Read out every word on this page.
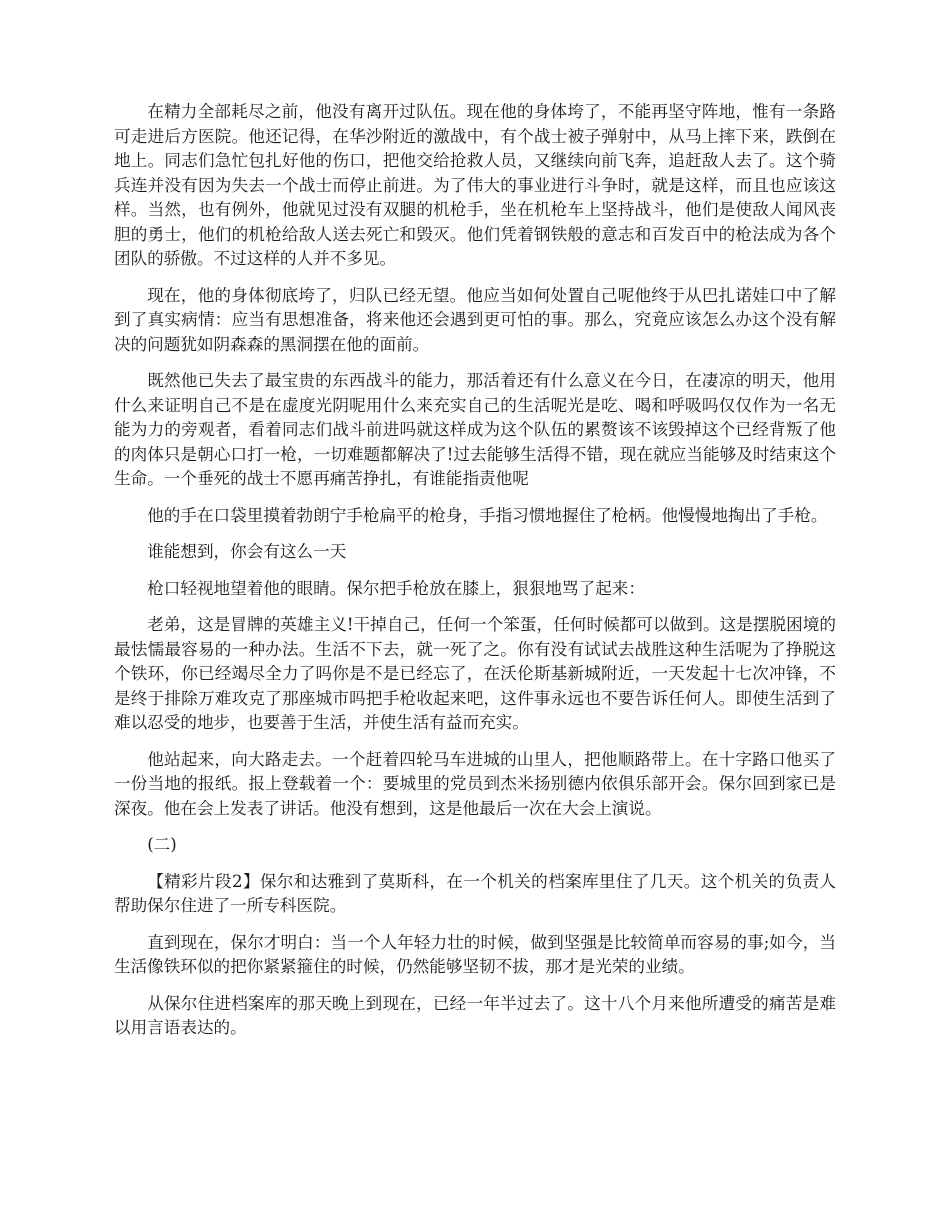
在精力全部耗尽之前，他没有离开过队伍。现在他的身体垮了，不能再坚守阵地，惟有一条路可走进后方医院。他还记得，在华沙附近的激战中，有个战士被子弹射中，从马上摔下来，跌倒在地上。同志们急忙包扎好他的伤口，把他交给抢救人员，又继续向前飞奔，追赶敌人去了。这个骑兵连并没有因为失去一个战士而停止前进。为了伟大的事业进行斗争时，就是这样，而且也应该这样。当然，也有例外，他就见过没有双腿的机枪手，坐在机枪车上坚持战斗，他们是使敌人闻风丧胆的勇士，他们的机枪给敌人送去死亡和毁灭。他们凭着钢铁般的意志和百发百中的枪法成为各个团队的骄傲。不过这样的人并不多见。

现在，他的身体彻底垮了，归队已经无望。他应当如何处置自己呢他终于从巴扎诺娃口中了解到了真实病情：应当有思想准备，将来他还会遇到更可怕的事。那么，究竟应该怎么办这个没有解决的问题犹如阴森森的黑洞摆在他的面前。

既然他已失去了最宝贵的东西战斗的能力，那活着还有什么意义在今日，在凄凉的明天，他用什么来证明自己不是在虚度光阴呢用什么来充实自己的生活呢光是吃、喝和呼吸吗仅仅作为一名无能为力的旁观者，看着同志们战斗前进吗就这样成为这个队伍的累赘该不该毁掉这个已经背叛了他的肉体只是朝心口打一枪，一切难题都解决了!过去能够生活得不错，现在就应当能够及时结束这个生命。一个垂死的战士不愿再痛苦挣扎，有谁能指责他呢

他的手在口袋里摸着勃朗宁手枪扁平的枪身，手指习惯地握住了枪柄。他慢慢地掏出了手枪。

谁能想到，你会有这么一天

枪口轻视地望着他的眼睛。保尔把手枪放在膝上，狠狠地骂了起来：

老弟，这是冒牌的英雄主义!干掉自己，任何一个笨蛋，任何时候都可以做到。这是摆脱困境的最怯懦最容易的一种办法。生活不下去，就一死了之。你有没有试试去战胜这种生活呢为了挣脱这个铁环，你已经竭尽全力了吗你是不是已经忘了，在沃伦斯基新城附近，一天发起十七次冲锋，不是终于排除万难攻克了那座城市吗把手枪收起来吧，这件事永远也不要告诉任何人。即使生活到了难以忍受的地步，也要善于生活，并使生活有益而充实。

他站起来，向大路走去。一个赶着四轮马车进城的山里人，把他顺路带上。在十字路口他买了一份当地的报纸。报上登载着一个：要城里的党员到杰米扬别德内依俱乐部开会。保尔回到家已是深夜。他在会上发表了讲话。他没有想到，这是他最后一次在大会上演说。

(二)

【精彩片段2】保尔和达雅到了莫斯科，在一个机关的档案库里住了几天。这个机关的负责人帮助保尔住进了一所专科医院。

直到现在，保尔才明白：当一个人年轻力壮的时候，做到坚强是比较简单而容易的事;如今，当生活像铁环似的把你紧紧箍住的时候，仍然能够坚韧不拔，那才是光荣的业绩。

从保尔住进档案库的那天晚上到现在，已经一年半过去了。这十八个月来他所遭受的痛苦是难以用言语表达的。
